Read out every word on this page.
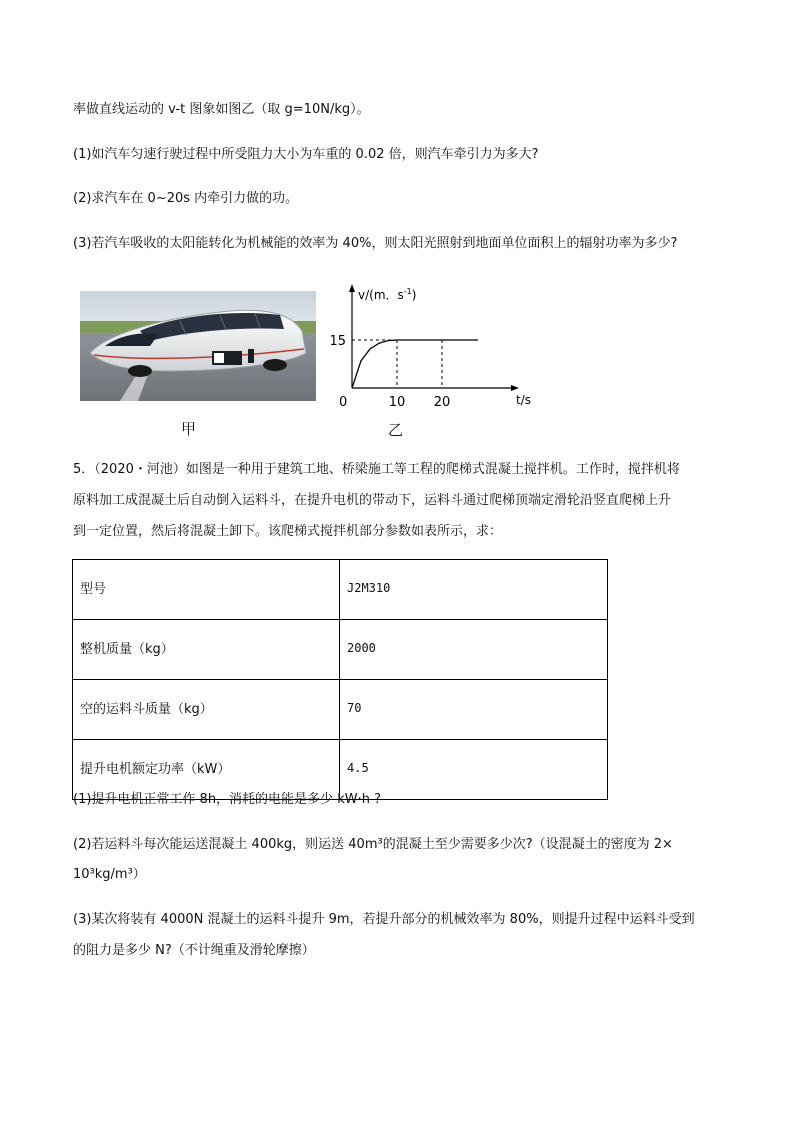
率做直线运动的 v-t 图象如图乙（取 g=10N/kg）。
(1)如汽车匀速行驶过程中所受阻力大小为车重的 0.02 倍，则汽车牵引力为多大?
(2)求汽车在 0~20s 内牵引力做的功。
(3)若汽车吸收的太阳能转化为机械能的效率为 40%，则太阳光照射到地面单位面积上的辐射功率为多少?
甲
v/(m．$s^{-1}$)
t/s
0	10 20
15
乙
5．（2020・河池）如图是一种用于建筑工地、桥梁施工等工程的爬梯式混凝土搅拌机。工作时，搅拌机将
原料加工成混凝土后自动倒入运料斗，在提升电机的带动下，运料斗通过爬梯顶端定滑轮沿竖直爬梯上升
到一定位置，然后将混凝土卸下。该爬梯式搅拌机部分参数如表所示，求：
型号	J2M310
整机质量（kg）	2000
空的运料斗质量（kg）	70
提升电机额定功率（kW）	4.5
(1)提升电机正常工作 8h，消耗的电能是多少 kW·h ?
(2)若运料斗每次能运送混凝土 400kg，则运送 40m³的混凝土至少需要多少次?（设混凝土的密度为 2×
10³kg/m³）
(3)某次将装有 4000N 混凝土的运料斗提升 9m，若提升部分的机械效率为 80%，则提升过程中运料斗受到
的阻力是多少 N?（不计绳重及滑轮摩擦）
